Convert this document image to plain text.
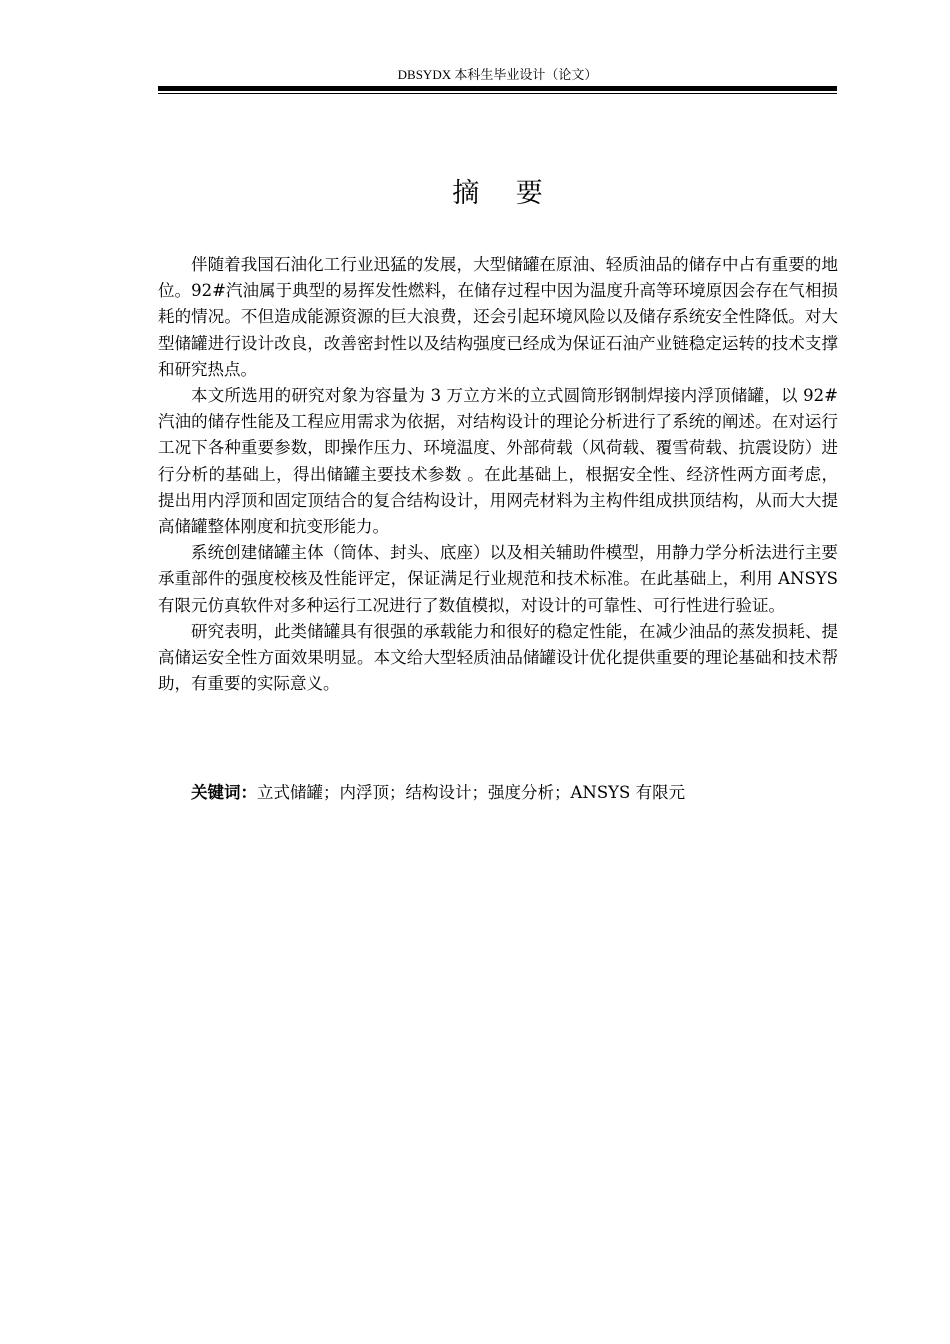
DBSYDX 本科生毕业设计（论文）
摘 要

伴随着我国石油化工行业迅猛的发展，大型储罐在原油、轻质油品的储存中占有重要的地位。92#汽油属于典型的易挥发性燃料，在储存过程中因为温度升高等环境原因会存在气相损耗的情况。不但造成能源资源的巨大浪费，还会引起环境风险以及储存系统安全性降低。对大型储罐进行设计改良，改善密封性以及结构强度已经成为保证石油产业链稳定运转的技术支撑和研究热点。

本文所选用的研究对象为容量为 3 万立方米的立式圆筒形钢制焊接内浮顶储罐，以 92#汽油的储存性能及工程应用需求为依据，对结构设计的理论分析进行了系统的阐述。在对运行工况下各种重要参数，即操作压力、环境温度、外部荷载（风荷载、覆雪荷载、抗震设防）进行分析的基础上，得出储罐主要技术参数 。在此基础上，根据安全性、经济性两方面考虑，提出用内浮顶和固定顶结合的复合结构设计，用网壳材料为主构件组成拱顶结构，从而大大提高储罐整体刚度和抗变形能力。

系统创建储罐主体（筒体、封头、底座）以及相关辅助件模型，用静力学分析法进行主要承重部件的强度校核及性能评定，保证满足行业规范和技术标准。在此基础上，利用 ANSYS 有限元仿真软件对多种运行工况进行了数值模拟，对设计的可靠性、可行性进行验证。

研究表明，此类储罐具有很强的承载能力和很好的稳定性能，在减少油品的蒸发损耗、提高储运安全性方面效果明显。本文给大型轻质油品储罐设计优化提供重要的理论基础和技术帮助，有重要的实际意义。

关键词：立式储罐；内浮顶；结构设计；强度分析；ANSYS 有限元
